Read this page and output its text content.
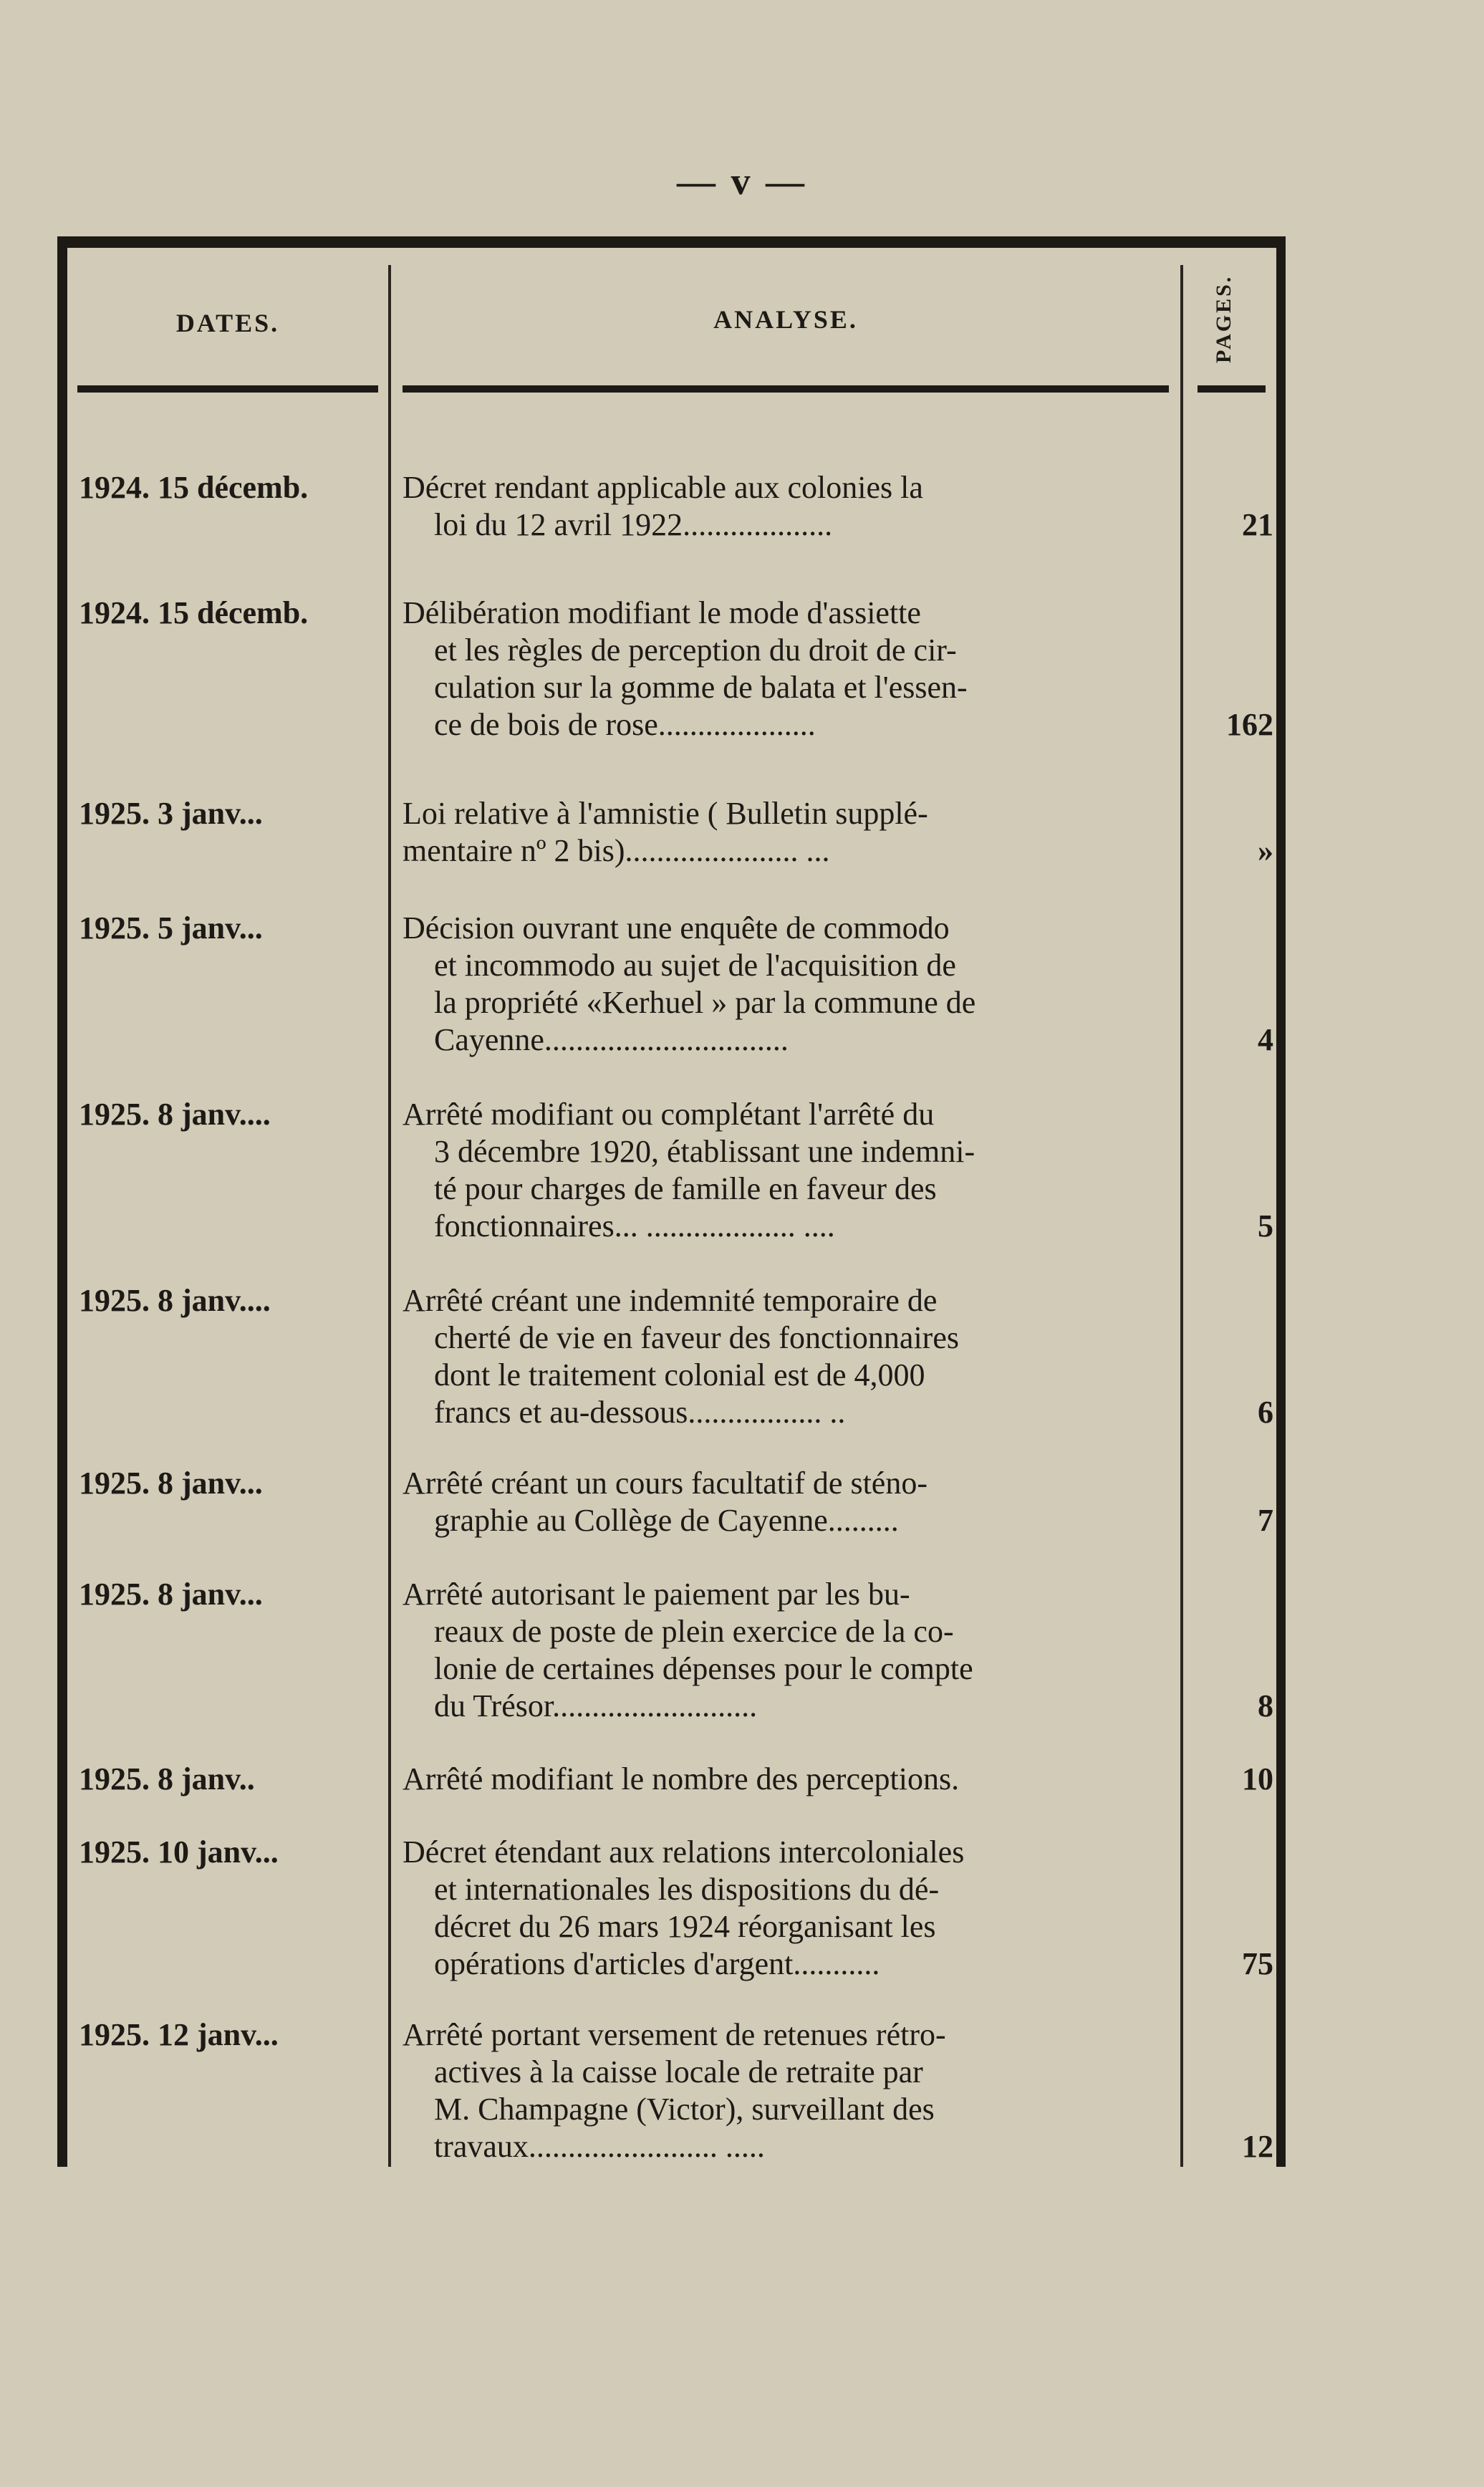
— v —
DATES.	ANALYSE.	PAGES.
1924. 15 décemb.	Décret rendant applicable aux colonies la
loi du 12 avril 1922...................	21
1924. 15 décemb.	Délibération modifiant le mode d'assiette
et les règles de perception du droit de cir-
culation sur la gomme de balata et l'essen-
ce de bois de rose....................	162
1925. 3 janv...	Loi relative à l'amnistie ( Bulletin supplé-
mentaire nº 2 bis)...................... ...	»
1925. 5 janv...	Décision ouvrant une enquête de commodo
et incommodo au sujet de l'acquisition de
la propriété «Kerhuel » par la commune de
Cayenne...............................	4
1925. 8 janv....	Arrêté modifiant ou complétant l'arrêté du
3 décembre 1920, établissant une indemni-
té pour charges de famille en faveur des
fonctionnaires... ................... ....	5
1925. 8 janv....	Arrêté créant une indemnité temporaire de
cherté de vie en faveur des fonctionnaires
dont le traitement colonial est de 4,000
francs et au-dessous................. ..	6
1925. 8 janv...	Arrêté créant un cours facultatif de sténo-
graphie au Collège de Cayenne.........	7
1925. 8 janv...	Arrêté autorisant le paiement par les bu-
reaux de poste de plein exercice de la co-
lonie de certaines dépenses pour le compte
du Trésor..........................	8
1925. 8 janv..	Arrêté modifiant le nombre des perceptions.	10
1925. 10 janv...	Décret étendant aux relations intercoloniales
et internationales les dispositions du dé-
décret du 26 mars 1924 réorganisant les
opérations d'articles d'argent...........	75
1925. 12 janv...	Arrêté portant versement de retenues rétro-
actives à la caisse locale de retraite par
M. Champagne (Victor), surveillant des
travaux........................ .....	12
